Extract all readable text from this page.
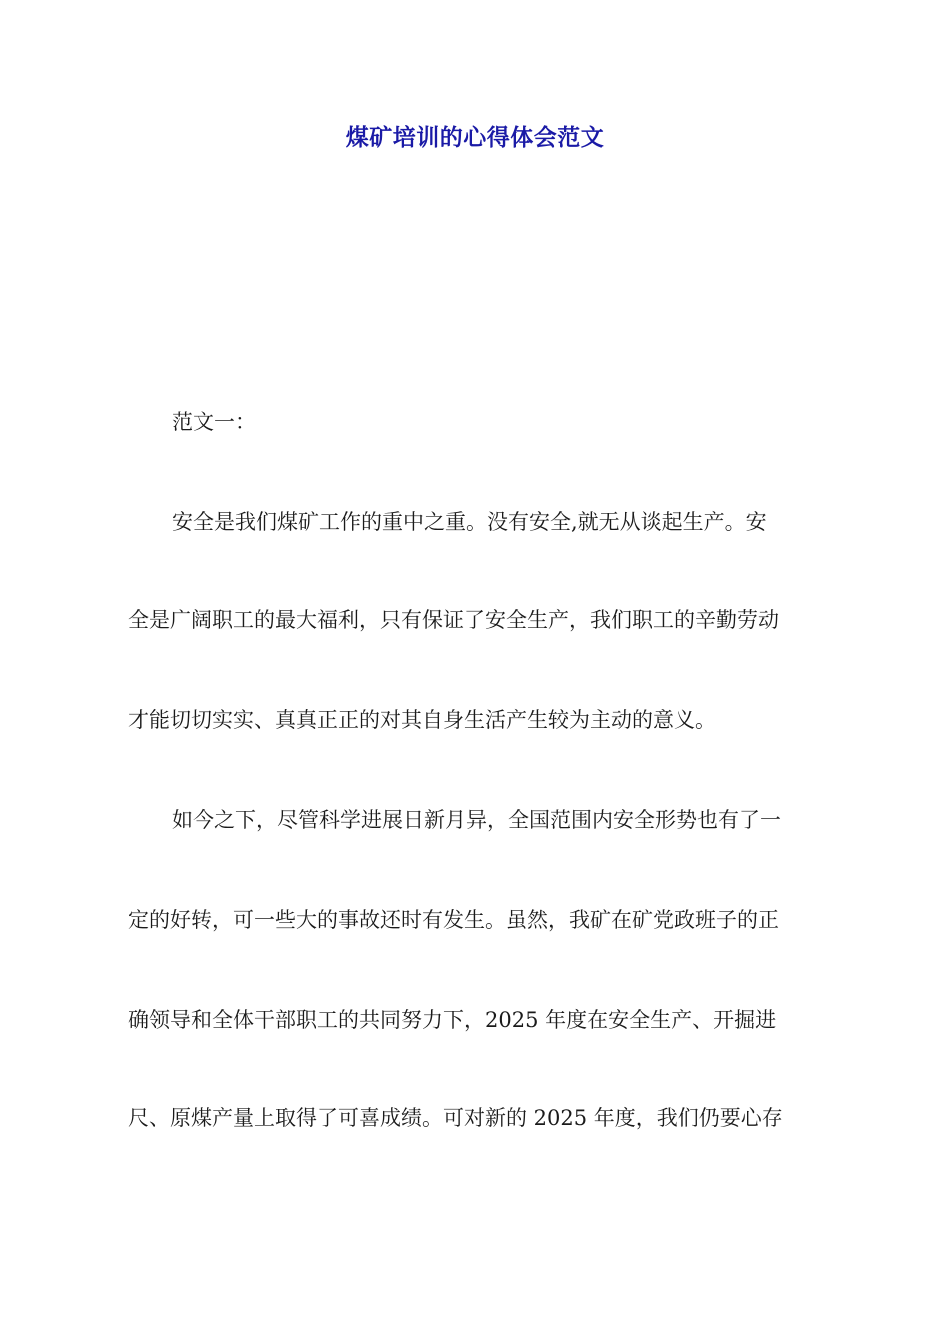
煤矿培训的心得体会范文

范文一：

安全是我们煤矿工作的重中之重。没有安全,就无从谈起生产。安

全是广阔职工的最大福利，只有保证了安全生产，我们职工的辛勤劳动

才能切切实实、真真正正的对其自身生活产生较为主动的意义。

如今之下，尽管科学进展日新月异，全国范围内安全形势也有了一

定的好转，可一些大的事故还时有发生。虽然，我矿在矿党政班子的正

确领导和全体干部职工的共同努力下，2025 年度在安全生产、开掘进

尺、原煤产量上取得了可喜成绩。可对新的 2025 年度，我们仍要心存
